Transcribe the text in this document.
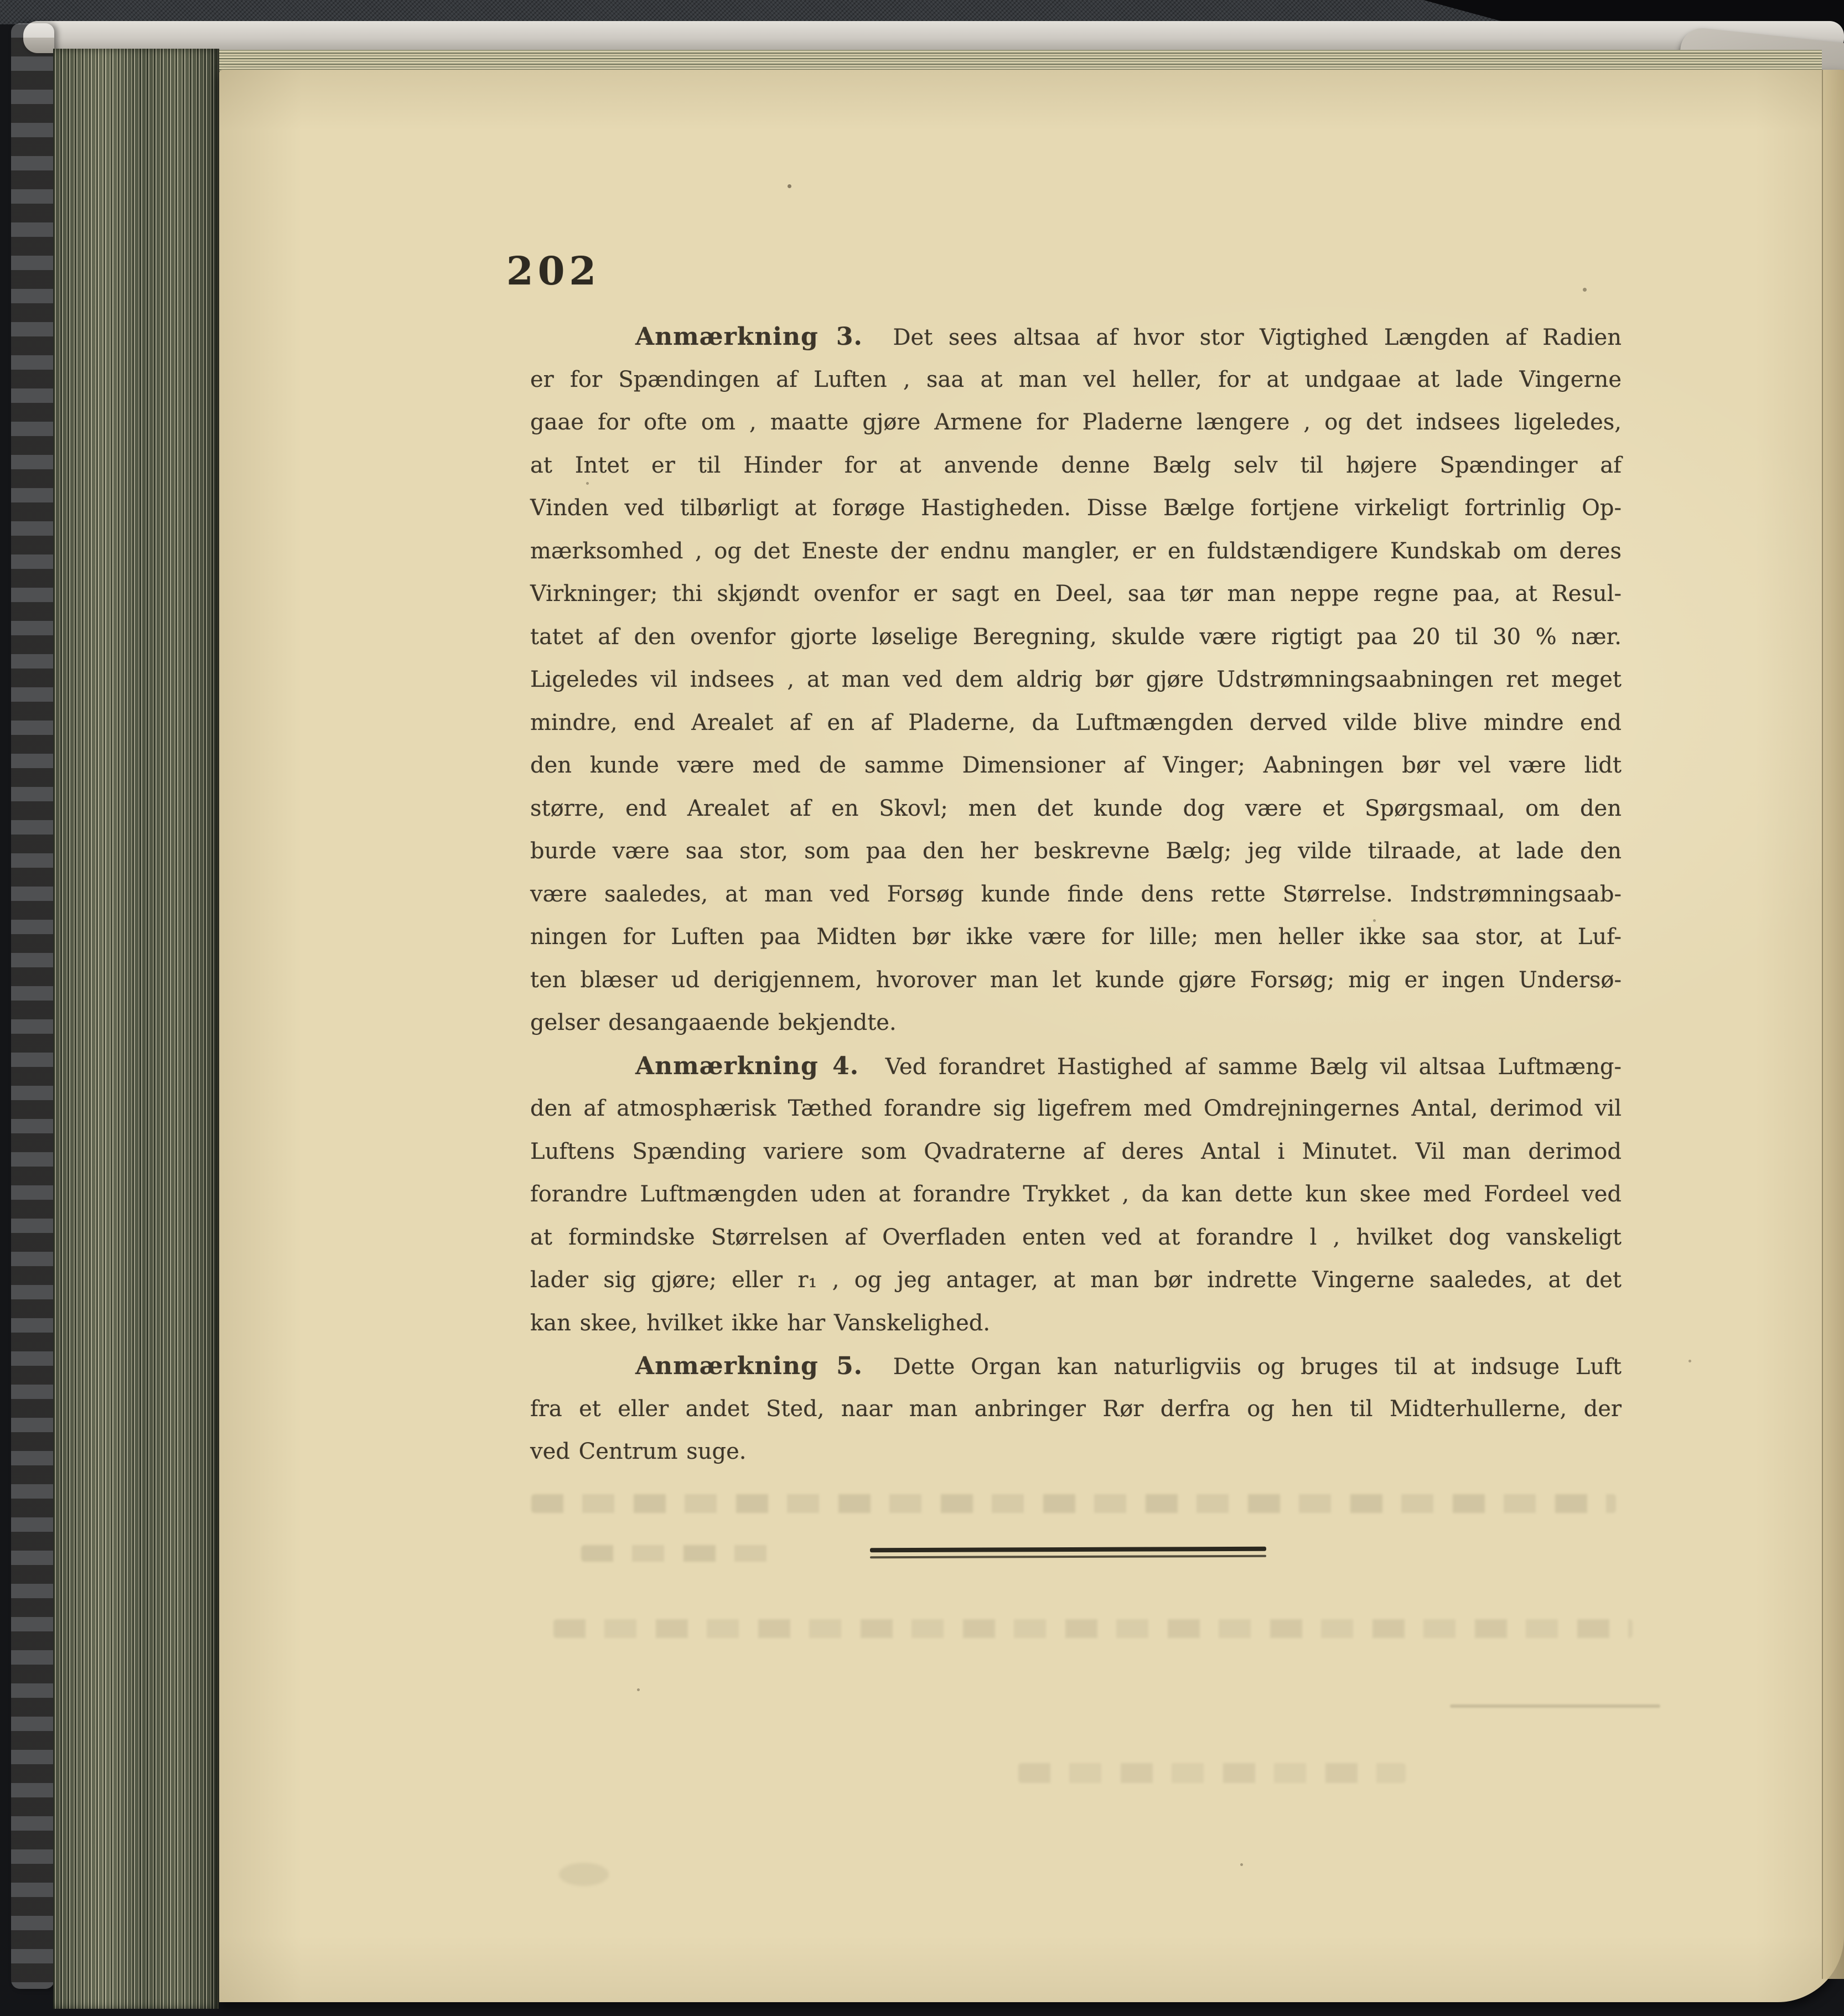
202
Anmærkning 3. Det sees altsaa af hvor stor Vigtighed Længden af Radien
er for Spændingen af Luften , saa at man vel heller, for at undgaae at lade Vingerne
gaae for ofte om , maatte gjøre Armene for Pladerne længere , og det indsees ligeledes,
at Intet er til Hinder for at anvende denne Bælg selv til højere Spændinger af
Vinden ved tilbørligt at forøge Hastigheden. Disse Bælge fortjene virkeligt fortrinlig Op-
mærksomhed , og det Eneste der endnu mangler, er en fuldstændigere Kundskab om deres
Virkninger; thi skjøndt ovenfor er sagt en Deel, saa tør man neppe regne paa, at Resul-
tatet af den ovenfor gjorte løselige Beregning, skulde være rigtigt paa 20 til 30 % nær.
Ligeledes vil indsees , at man ved dem aldrig bør gjøre Udstrømningsaabningen ret meget
mindre, end Arealet af en af Pladerne, da Luftmængden derved vilde blive mindre end
den kunde være med de samme Dimensioner af Vinger; Aabningen bør vel være lidt
større, end Arealet af en Skovl; men det kunde dog være et Spørgsmaal, om den
burde være saa stor, som paa den her beskrevne Bælg; jeg vilde tilraade, at lade den
være saaledes, at man ved Forsøg kunde finde dens rette Størrelse. Indstrømningsaab-
ningen for Luften paa Midten bør ikke være for lille; men heller ikke saa stor, at Luf-
ten blæser ud derigjennem, hvorover man let kunde gjøre Forsøg; mig er ingen Undersø-
gelser desangaaende bekjendte.
Anmærkning 4. Ved forandret Hastighed af samme Bælg vil altsaa Luftmæng-
den af atmosphærisk Tæthed forandre sig ligefrem med Omdrejningernes Antal, derimod vil
Luftens Spænding variere som Qvadraterne af deres Antal i Minutet. Vil man derimod
forandre Luftmængden uden at forandre Trykket , da kan dette kun skee med Fordeel ved
at formindske Størrelsen af Overfladen enten ved at forandre l , hvilket dog vanskeligt
lader sig gjøre; eller r₁ , og jeg antager, at man bør indrette Vingerne saaledes, at det
kan skee, hvilket ikke har Vanskelighed.
Anmærkning 5. Dette Organ kan naturligviis og bruges til at indsuge Luft
fra et eller andet Sted, naar man anbringer Rør derfra og hen til Midterhullerne, der
ved Centrum suge.
